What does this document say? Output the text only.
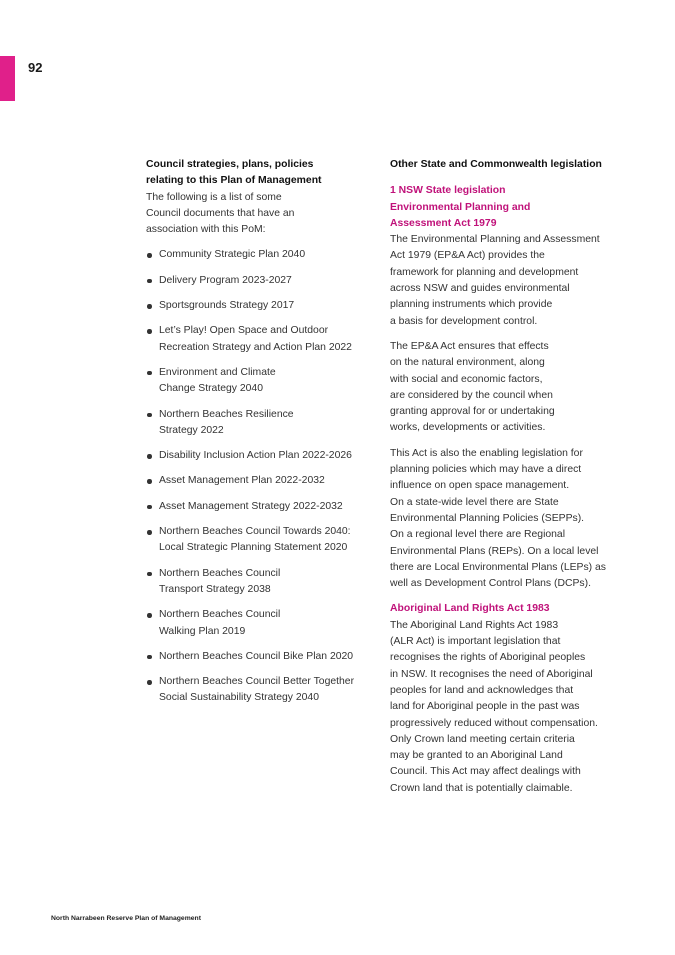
92
Council strategies, plans, policies
relating to this Plan of Management
The following is a list of some
Council documents that have an
association with this PoM:
Community Strategic Plan 2040
Delivery Program 2023-2027
Sportsgrounds Strategy 2017
Let’s Play! Open Space and Outdoor
Recreation Strategy and Action Plan 2022
Environment and Climate
Change Strategy 2040
Northern Beaches Resilience
Strategy 2022
Disability Inclusion Action Plan 2022-2026
Asset Management Plan 2022-2032
Asset Management Strategy 2022-2032
Northern Beaches Council Towards 2040:
Local Strategic Planning Statement 2020
Northern Beaches Council
Transport Strategy 2038
Northern Beaches Council
Walking Plan 2019
Northern Beaches Council Bike Plan 2020
Northern Beaches Council Better Together
Social Sustainability Strategy 2040
Other State and Commonwealth legislation
1 NSW State legislation
Environmental Planning and
Assessment Act 1979
The Environmental Planning and Assessment
Act 1979 (EP&A Act) provides the
framework for planning and development
across NSW and guides environmental
planning instruments which provide
a basis for development control.
The EP&A Act ensures that effects
on the natural environment, along
with social and economic factors,
are considered by the council when
granting approval for or undertaking
works, developments or activities.
This Act is also the enabling legislation for
planning policies which may have a direct
influence on open space management.
On a state-wide level there are State
Environmental Planning Policies (SEPPs).
On a regional level there are Regional
Environmental Plans (REPs). On a local level
there are Local Environmental Plans (LEPs) as
well as Development Control Plans (DCPs).
Aboriginal Land Rights Act 1983
The Aboriginal Land Rights Act 1983
(ALR Act) is important legislation that
recognises the rights of Aboriginal peoples
in NSW. It recognises the need of Aboriginal
peoples for land and acknowledges that
land for Aboriginal people in the past was
progressively reduced without compensation.
Only Crown land meeting certain criteria
may be granted to an Aboriginal Land
Council. This Act may affect dealings with
Crown land that is potentially claimable.
North Narrabeen Reserve Plan of Management
